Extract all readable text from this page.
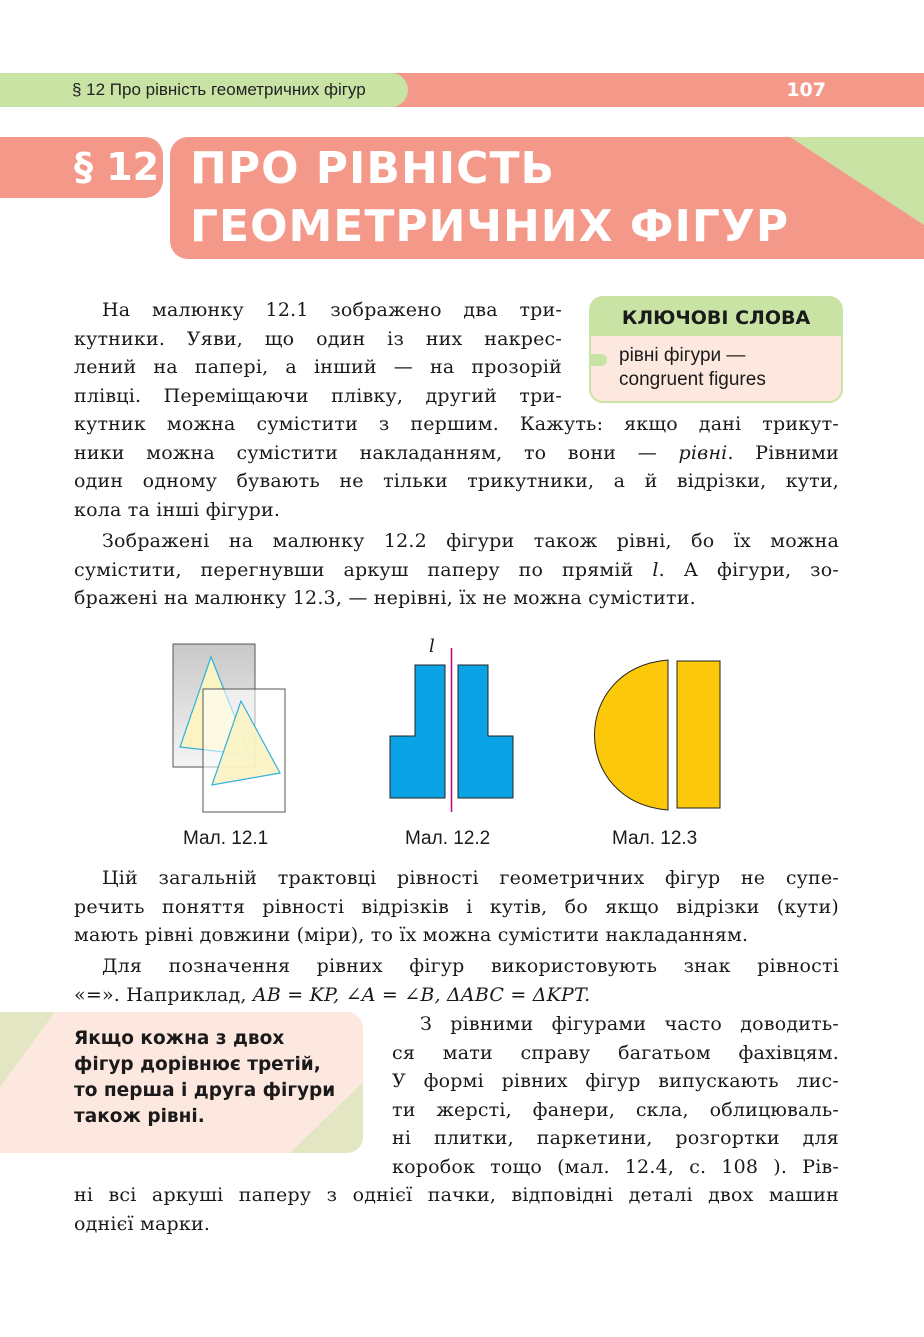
§ 12 Про рівність геометричних фігур	107
§ 12 ПРО РІВНІСТЬ
ГЕОМЕТРИЧНИХ ФІГУР
КЛЮЧОВІ СЛОВА
рівні фігури —
congruent figures
На малюнку 12.1 зображено два три-
кутники. Уяви, що один із них накрес-
лений на папері, а інший — на прозорій
плівці. Переміщаючи плівку, другий три-
кутник можна сумістити з першим. Кажуть: якщо дані трикут-
ники можна сумістити накладанням, то вони — рівні. Рівними
один одному бувають не тільки трикутники, а й відрізки, кути,
кола та інші фігури.
Зображені на малюнку 12.2 фігури також рівні, бо їх можна
сумістити, перегнувши аркуш паперу по прямій l. А фігури, зо-
бражені на малюнку 12.3, — нерівні, їх не можна сумістити.
l
Мал. 12.1	Мал. 12.2	Мал. 12.3
Цій загальній трактовці рівності геометричних фігур не супе-
речить поняття рівності відрізків і кутів, бо якщо відрізки (кути)
мають рівні довжини (міри), то їх можна сумістити накладанням.
Для позначення рівних фігур використовують знак рівності
«=». Наприклад, AB = KP, ∠A = ∠B, ΔABC = ΔKPT.
Якщо кожна з двох
фігур дорівнює третій,
то перша і друга фігури
також рівні.
З рівними фігурами часто доводить-
ся мати справу багатьом фахівцям.
У формі рівних фігур випускають лис-
ти жерсті, фанери, скла, облицюваль-
ні плитки, паркетини, розгортки для
коробок тощо (мал. 12.4, с. 108 ). Рів-
ні всі аркуші паперу з однієї пачки, відповідні деталі двох машин
однієї марки.
